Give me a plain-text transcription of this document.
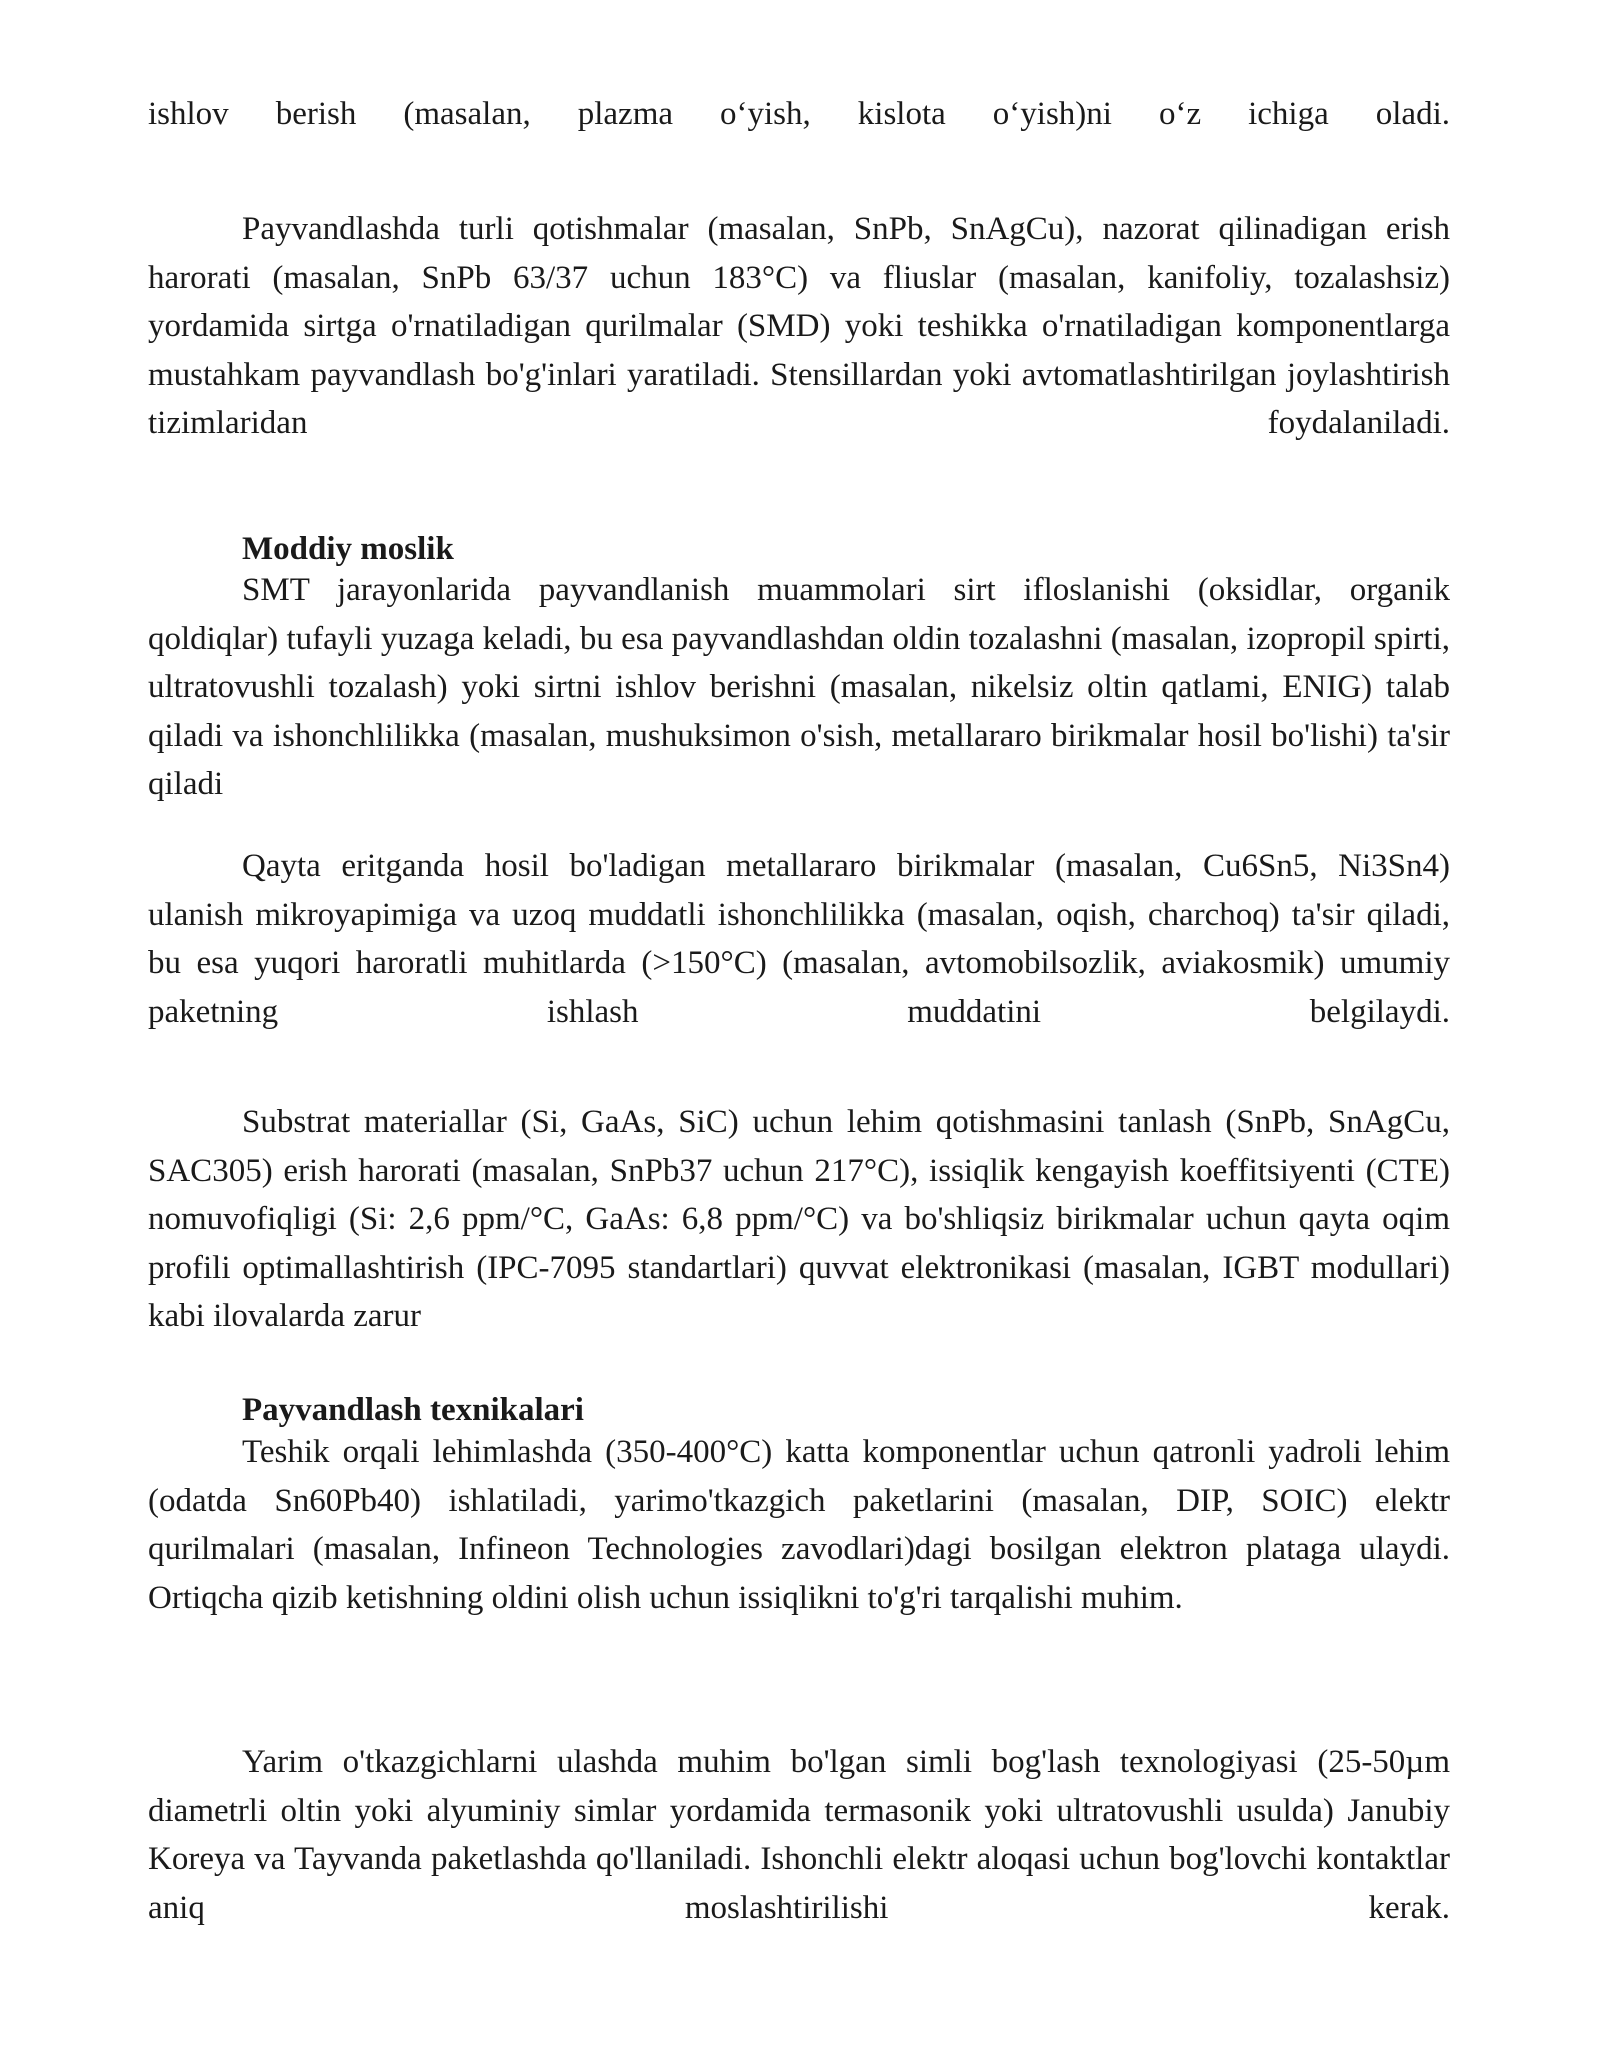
ishlov berish (masalan, plazma o‘yish, kislota o‘yish)ni o‘z ichiga oladi.

Payvandlashda turli qotishmalar (masalan, SnPb, SnAgCu), nazorat qilinadigan erish harorati (masalan, SnPb 63/37 uchun 183°C) va fliuslar (masalan, kanifoliy, tozalashsiz) yordamida sirtga o'rnatiladigan qurilmalar (SMD) yoki teshikka o'rnatiladigan komponentlarga mustahkam payvandlash bo'g'inlari yaratiladi. Stensillardan yoki avtomatlashtirilgan joylashtirish tizimlaridan foydalaniladi.

Moddiy moslik

SMT jarayonlarida payvandlanish muammolari sirt ifloslanishi (oksidlar, organik qoldiqlar) tufayli yuzaga keladi, bu esa payvandlashdan oldin tozalashni (masalan, izopropil spirti, ultratovushli tozalash) yoki sirtni ishlov berishni (masalan, nikelsiz oltin qatlami, ENIG) talab qiladi va ishonchlilikka (masalan, mushuksimon o'sish, metallararo birikmalar hosil bo'lishi) ta'sir qiladi

Qayta eritganda hosil bo'ladigan metallararo birikmalar (masalan, Cu6Sn5, Ni3Sn4) ulanish mikroyapimiga va uzoq muddatli ishonchlilikka (masalan, oqish, charchoq) ta'sir qiladi, bu esa yuqori haroratli muhitlarda (>150°C) (masalan, avtomobilsozlik, aviakosmik) umumiy paketning ishlash muddatini belgilaydi.

Substrat materiallar (Si, GaAs, SiC) uchun lehim qotishmasini tanlash (SnPb, SnAgCu, SAC305) erish harorati (masalan, SnPb37 uchun 217°C), issiqlik kengayish koeffitsiyenti (CTE) nomuvofiqligi (Si: 2,6 ppm/°C, GaAs: 6,8 ppm/°C) va bo'shliqsiz birikmalar uchun qayta oqim profili optimallashtirish (IPC-7095 standartlari) quvvat elektronikasi (masalan, IGBT modullari) kabi ilovalarda zarur

Payvandlash texnikalari

Teshik orqali lehimlashda (350-400°C) katta komponentlar uchun qatronli yadroli lehim (odatda Sn60Pb40) ishlatiladi, yarimo'tkazgich paketlarini (masalan, DIP, SOIC) elektr qurilmalari (masalan, Infineon Technologies zavodlari)dagi bosilgan elektron plataga ulaydi. Ortiqcha qizib ketishning oldini olish uchun issiqlikni to'g'ri tarqalishi muhim.

Yarim o'tkazgichlarni ulashda muhim bo'lgan simli bog'lash texnologiyasi (25-50µm diametrli oltin yoki alyuminiy simlar yordamida termasonik yoki ultratovushli usulda) Janubiy Koreya va Tayvanda paketlashda qo'llaniladi. Ishonchli elektr aloqasi uchun bog'lovchi kontaktlar aniq moslashtirilishi kerak.
